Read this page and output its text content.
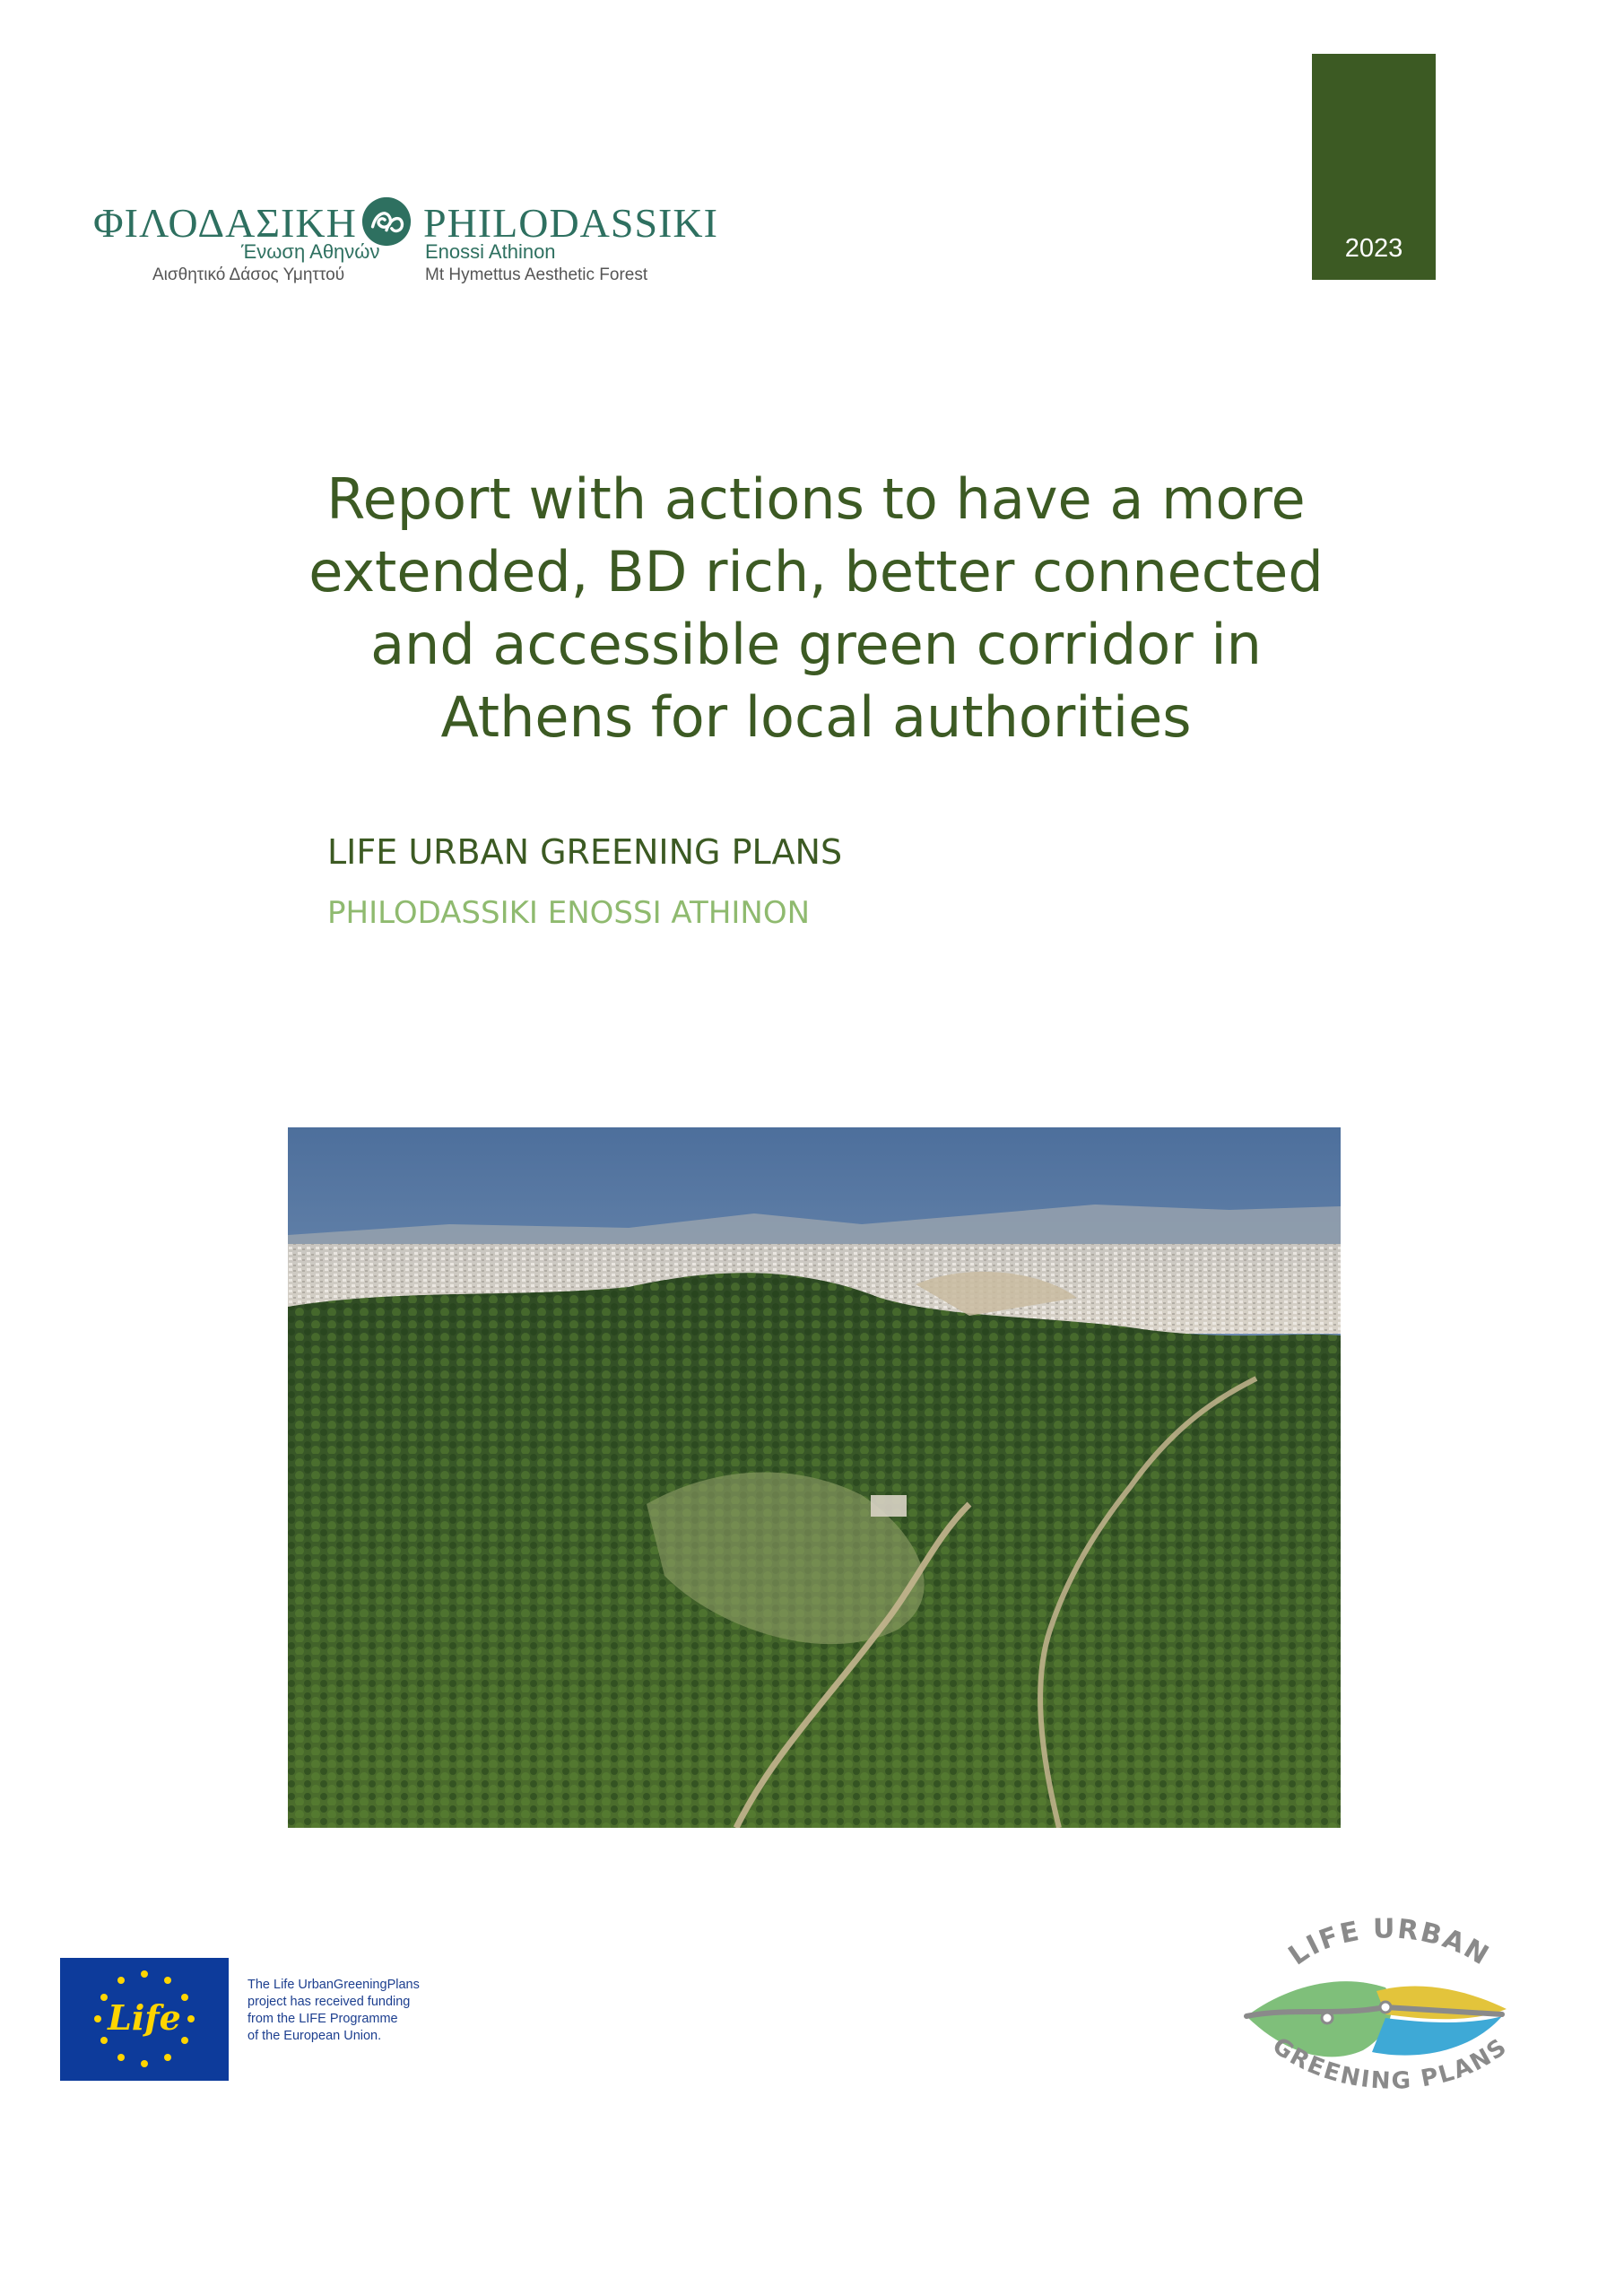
2023
ΦΙΛΟΔΑΣΙΚΗ PHILODASSIKI
Ένωση Αθηνών
Αισθητικό Δάσος Υμηττού
Enossi Athinon
Mt Hymettus Aesthetic Forest
Report with actions to have a more
extended, BD rich, better connected
and accessible green corridor in
Athens for local authorities
LIFE URBAN GREENING PLANS
PHILODASSIKI ENOSSI ATHINON
Life
The Life UrbanGreeningPlans
project has received funding
from the LIFE Programme
of the European Union.
LIFE URBAN
GREENING PLANS
